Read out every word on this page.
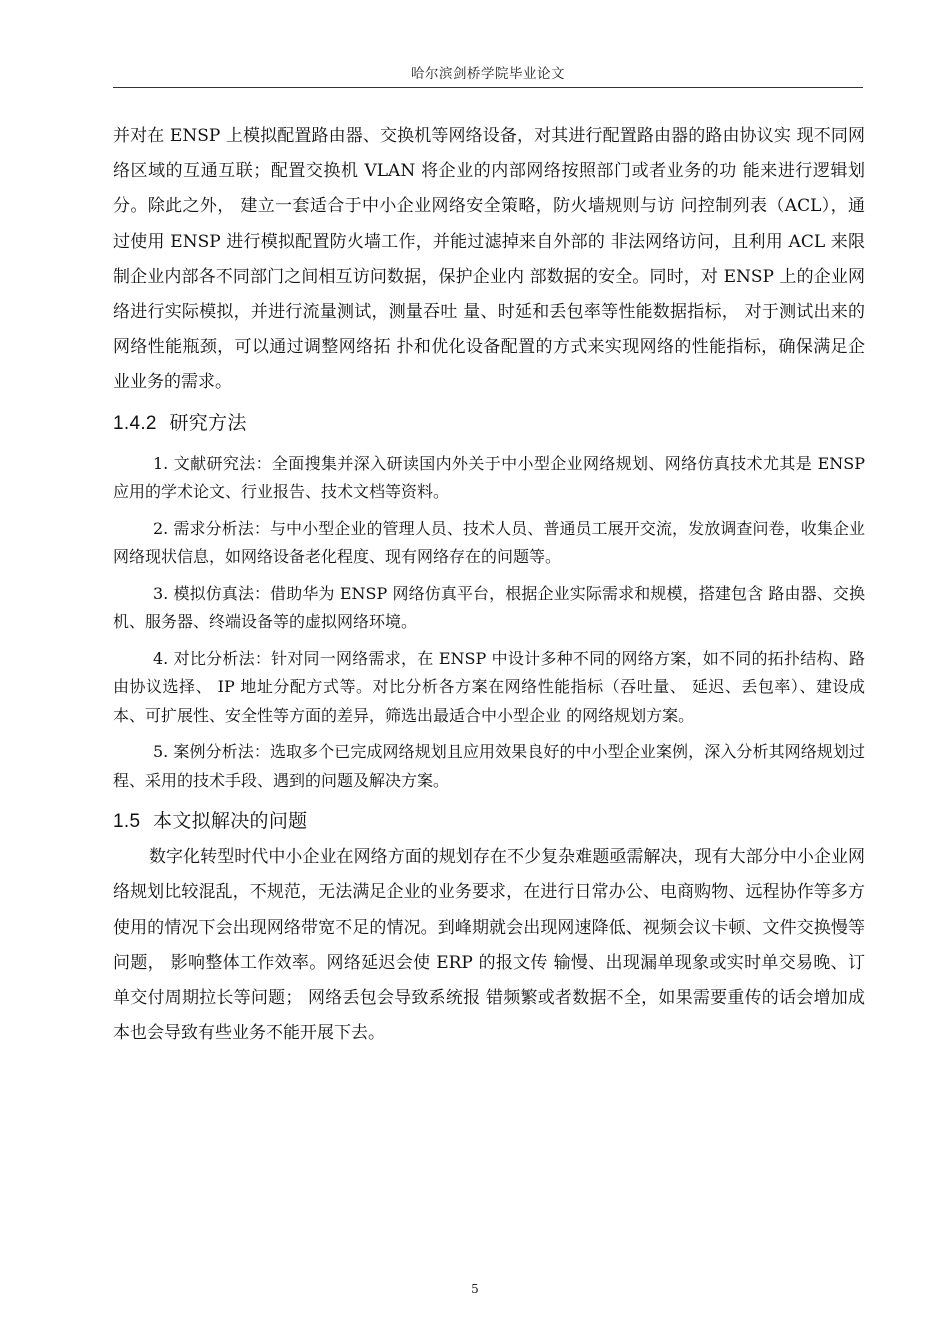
哈尔滨剑桥学院毕业论文

并对在 ENSP 上模拟配置路由器、交换机等网络设备，对其进行配置路由器的路由协议实 现不同网络区域的互通互联；配置交换机 VLAN 将企业的内部网络按照部门或者业务的功 能来进行逻辑划分。除此之外， 建立一套适合于中小企业网络安全策略，防火墙规则与访 问控制列表（ACL），通过使用 ENSP 进行模拟配置防火墙工作，并能过滤掉来自外部的 非法网络访问，且利用 ACL 来限制企业内部各不同部门之间相互访问数据，保护企业内 部数据的安全。同时，对 ENSP 上的企业网络进行实际模拟，并进行流量测试，测量吞吐 量、时延和丢包率等性能数据指标， 对于测试出来的网络性能瓶颈，可以通过调整网络拓 扑和优化设备配置的方式来实现网络的性能指标，确保满足企业业务的需求。

1.4.2 研究方法

1. 文献研究法：全面搜集并深入研读国内外关于中小型企业网络规划、网络仿真技术尤其是 ENSP 应用的学术论文、行业报告、技术文档等资料。

2. 需求分析法：与中小型企业的管理人员、技术人员、普通员工展开交流，发放调查问卷，收集企业网络现状信息，如网络设备老化程度、现有网络存在的问题等。

3. 模拟仿真法：借助华为 ENSP 网络仿真平台，根据企业实际需求和规模，搭建包含 路由器、交换机、服务器、终端设备等的虚拟网络环境。

4. 对比分析法：针对同一网络需求，在 ENSP 中设计多种不同的网络方案，如不同的拓扑结构、路由协议选择、 IP 地址分配方式等。对比分析各方案在网络性能指标（吞吐量、 延迟、丢包率）、建设成本、可扩展性、安全性等方面的差异，筛选出最适合中小型企业 的网络规划方案。

5. 案例分析法：选取多个已完成网络规划且应用效果良好的中小型企业案例，深入分析其网络规划过程、采用的技术手段、遇到的问题及解决方案。

1.5 本文拟解决的问题

数字化转型时代中小企业在网络方面的规划存在不少复杂难题亟需解决，现有大部分中小企业网络规划比较混乱，不规范，无法满足企业的业务要求，在进行日常办公、电商购物、远程协作等多方使用的情况下会出现网络带宽不足的情况。到峰期就会出现网速降低、视频会议卡顿、文件交换慢等问题， 影响整体工作效率。网络延迟会使 ERP 的报文传 输慢、出现漏单现象或实时单交易晚、订单交付周期拉长等问题； 网络丢包会导致系统报 错频繁或者数据不全，如果需要重传的话会增加成本也会导致有些业务不能开展下去。

5
